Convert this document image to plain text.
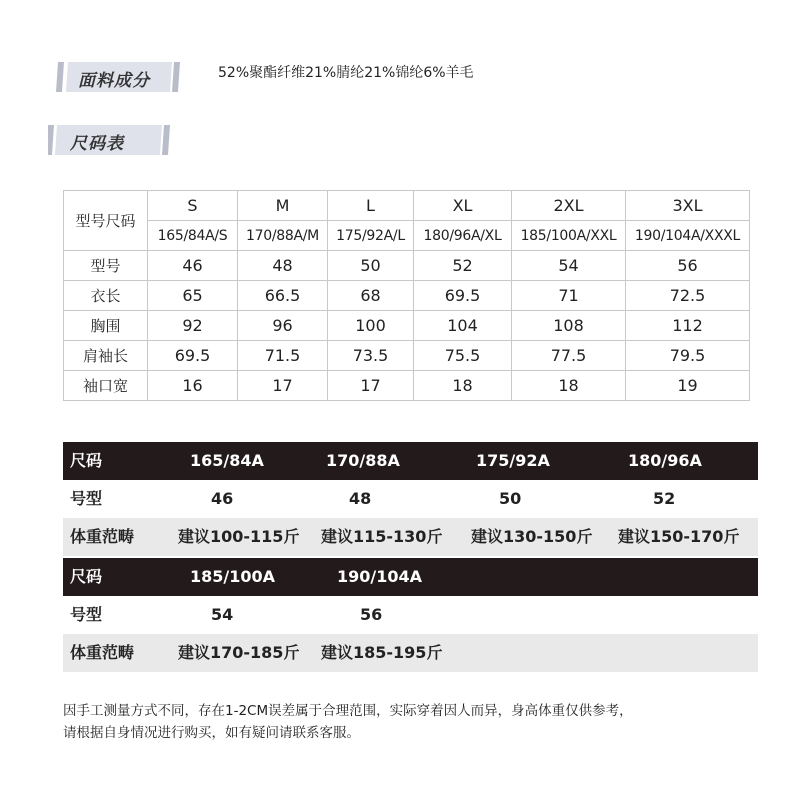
面料成分	52%聚酯纤维21%腈纶21%锦纶6%羊毛
尺码表
型号尺码	S	M	L	XL	2XL	3XL
	165/84A/S	170/88A/M	175/92A/L	180/96A/XL	185/100A/XXL	190/104A/XXXL
型号	46	48	50	52	54	56
衣长	65	66.5	68	69.5	71	72.5
胸围	92	96	100	104	108	112
肩袖长	69.5	71.5	73.5	75.5	77.5	79.5
袖口宽	16	17	17	18	18	19
尺码	165/84A	170/88A	175/92A	180/96A
号型	46	48	50	52
体重范畴	建议100-115斤 建议115-130斤 建议130-150斤 建议150-170斤
尺码	185/100A	190/104A
号型	54	56
体重范畴	建议170-185斤 建议185-195斤
因手工测量方式不同，存在1-2CM误差属于合理范围，实际穿着因人而异，身高体重仅供参考，
请根据自身情况进行购买，如有疑问请联系客服。
